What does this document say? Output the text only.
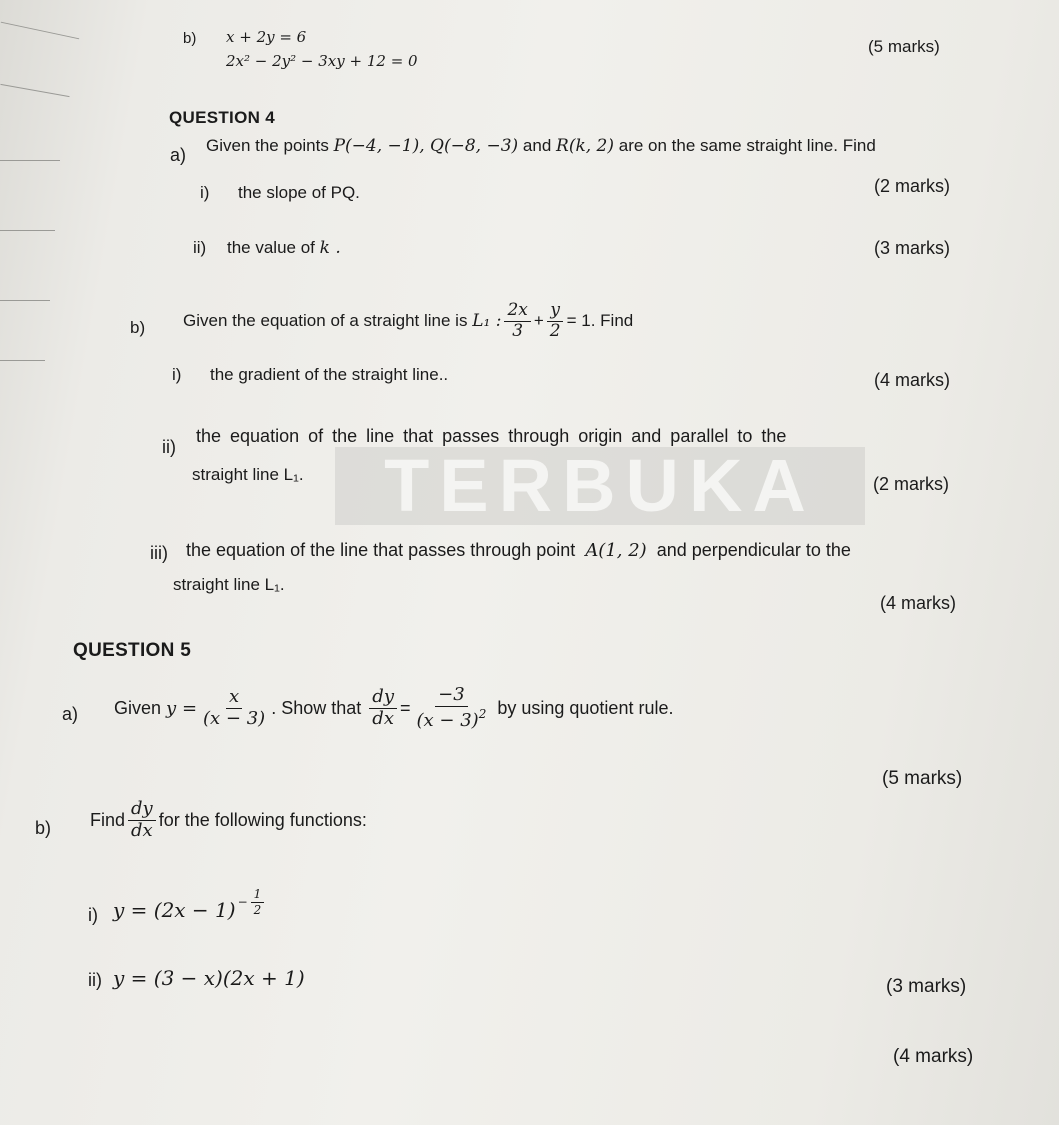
b) x + 2y = 6
2x² − 2y² − 3xy + 12 = 0
(5 marks)
QUESTION 4
a) Given the points P(−4, −1), Q(−8, −3) and R(k, 2) are on the same straight line. Find
i) the slope of PQ.	(2 marks)
ii) the value of k .	(3 marks)
b) Given the equation of a straight line is
L₁ : $\frac{2x}{3} + \frac{y}{2} = 1$. Find
i) the gradient of the straight line..	(4 marks)
TERBUKA
ii)
the equation of the line that passes through origin and parallel to the
straight line L₁.	(2 marks)
iii) the equation of the line that passes through point A(1, 2) and perpendicular to the
straight line L₁.
(4 marks)
QUESTION 5
a) Given
$y = \frac{x}{(x - 3)}$ . Show that
$\frac{dy}{dx} = \frac{-3}{(x - 3)^2}$
by using quotient rule.
(5 marks)
b) Find $\frac{dy}{dx}$ for the following functions:
i) $y = (2x - 1) - \frac{1}{2}$
ii) y = (3 − x)(2x + 1)	(3 marks)
(4 marks)
